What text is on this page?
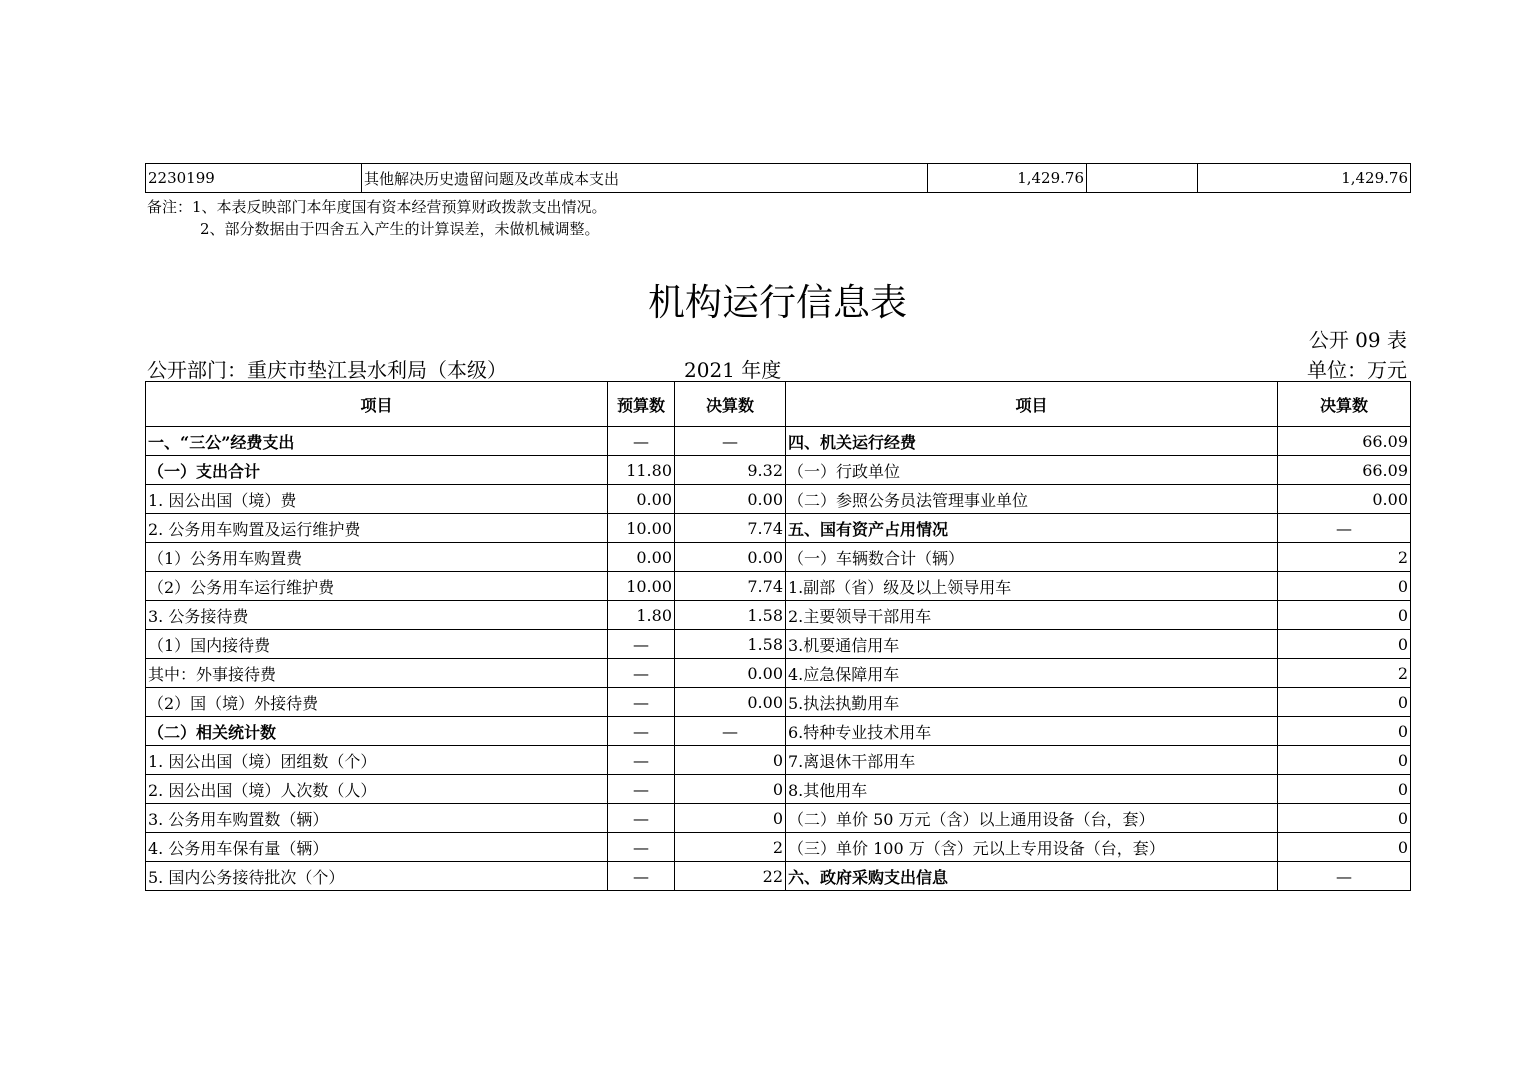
2230199	其他解决历史遗留问题及改革成本支出	1,429.76		1,429.76
备注：1、本表反映部门本年度国有资本经营预算财政拨款支出情况。
2、部分数据由于四舍五入产生的计算误差，未做机械调整。
机构运行信息表
公开 09 表
公开部门：重庆市垫江县水利局（本级）	2021 年度	单位：万元
项目	预算数	决算数	项目	决算数
一、“三公”经费支出	—	—	四、机关运行经费	66.09
（一）支出合计	11.80	9.32	（一）行政单位	66.09
1. 因公出国（境）费	0.00	0.00	（二）参照公务员法管理事业单位	0.00
2. 公务用车购置及运行维护费	10.00	7.74	五、国有资产占用情况	—
（1）公务用车购置费	0.00	0.00	（一）车辆数合计（辆）	2
（2）公务用车运行维护费	10.00	7.74	1.副部（省）级及以上领导用车	0
3. 公务接待费	1.80	1.58	2.主要领导干部用车	0
（1）国内接待费	—	1.58	3.机要通信用车	0
其中：外事接待费	—	0.00	4.应急保障用车	2
（2）国（境）外接待费	—	0.00	5.执法执勤用车	0
（二）相关统计数	—	—	6.特种专业技术用车	0
1. 因公出国（境）团组数（个）	—	0	7.离退休干部用车	0
2. 因公出国（境）人次数（人）	—	0	8.其他用车	0
3. 公务用车购置数（辆）	—	0	（二）单价 50 万元（含）以上通用设备（台，套）	0
4. 公务用车保有量（辆）	—	2	（三）单价 100 万（含）元以上专用设备（台，套）	0
5. 国内公务接待批次（个）	—	22	六、政府采购支出信息	—
